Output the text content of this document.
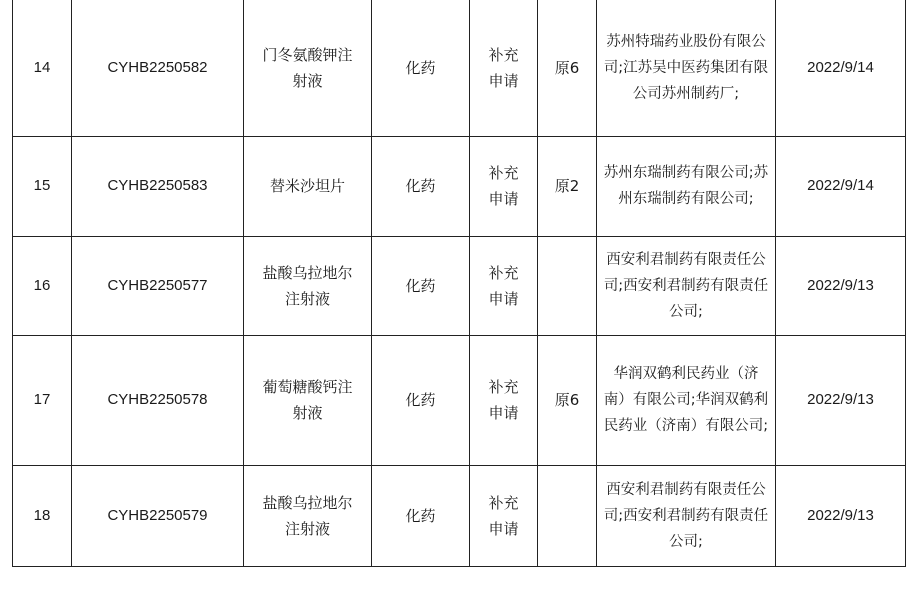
14	CYHB2250582	门冬氨酸钾注射液	化药	补充申请	原6	苏州特瑞药业股份有限公司;江苏吴中医药集团有限公司苏州制药厂;	2022/9/14
15	CYHB2250583	替米沙坦片	化药	补充申请	原2	苏州东瑞制药有限公司;苏州东瑞制药有限公司;	2022/9/14
16	CYHB2250577	盐酸乌拉地尔注射液	化药	补充申请		西安利君制药有限责任公司;西安利君制药有限责任公司;	2022/9/13
17	CYHB2250578	葡萄糖酸钙注射液	化药	补充申请	原6	华润双鹤利民药业（济南）有限公司;华润双鹤利民药业（济南）有限公司;	2022/9/13
18	CYHB2250579	盐酸乌拉地尔注射液	化药	补充申请		西安利君制药有限责任公司;西安利君制药有限责任公司;	2022/9/13
